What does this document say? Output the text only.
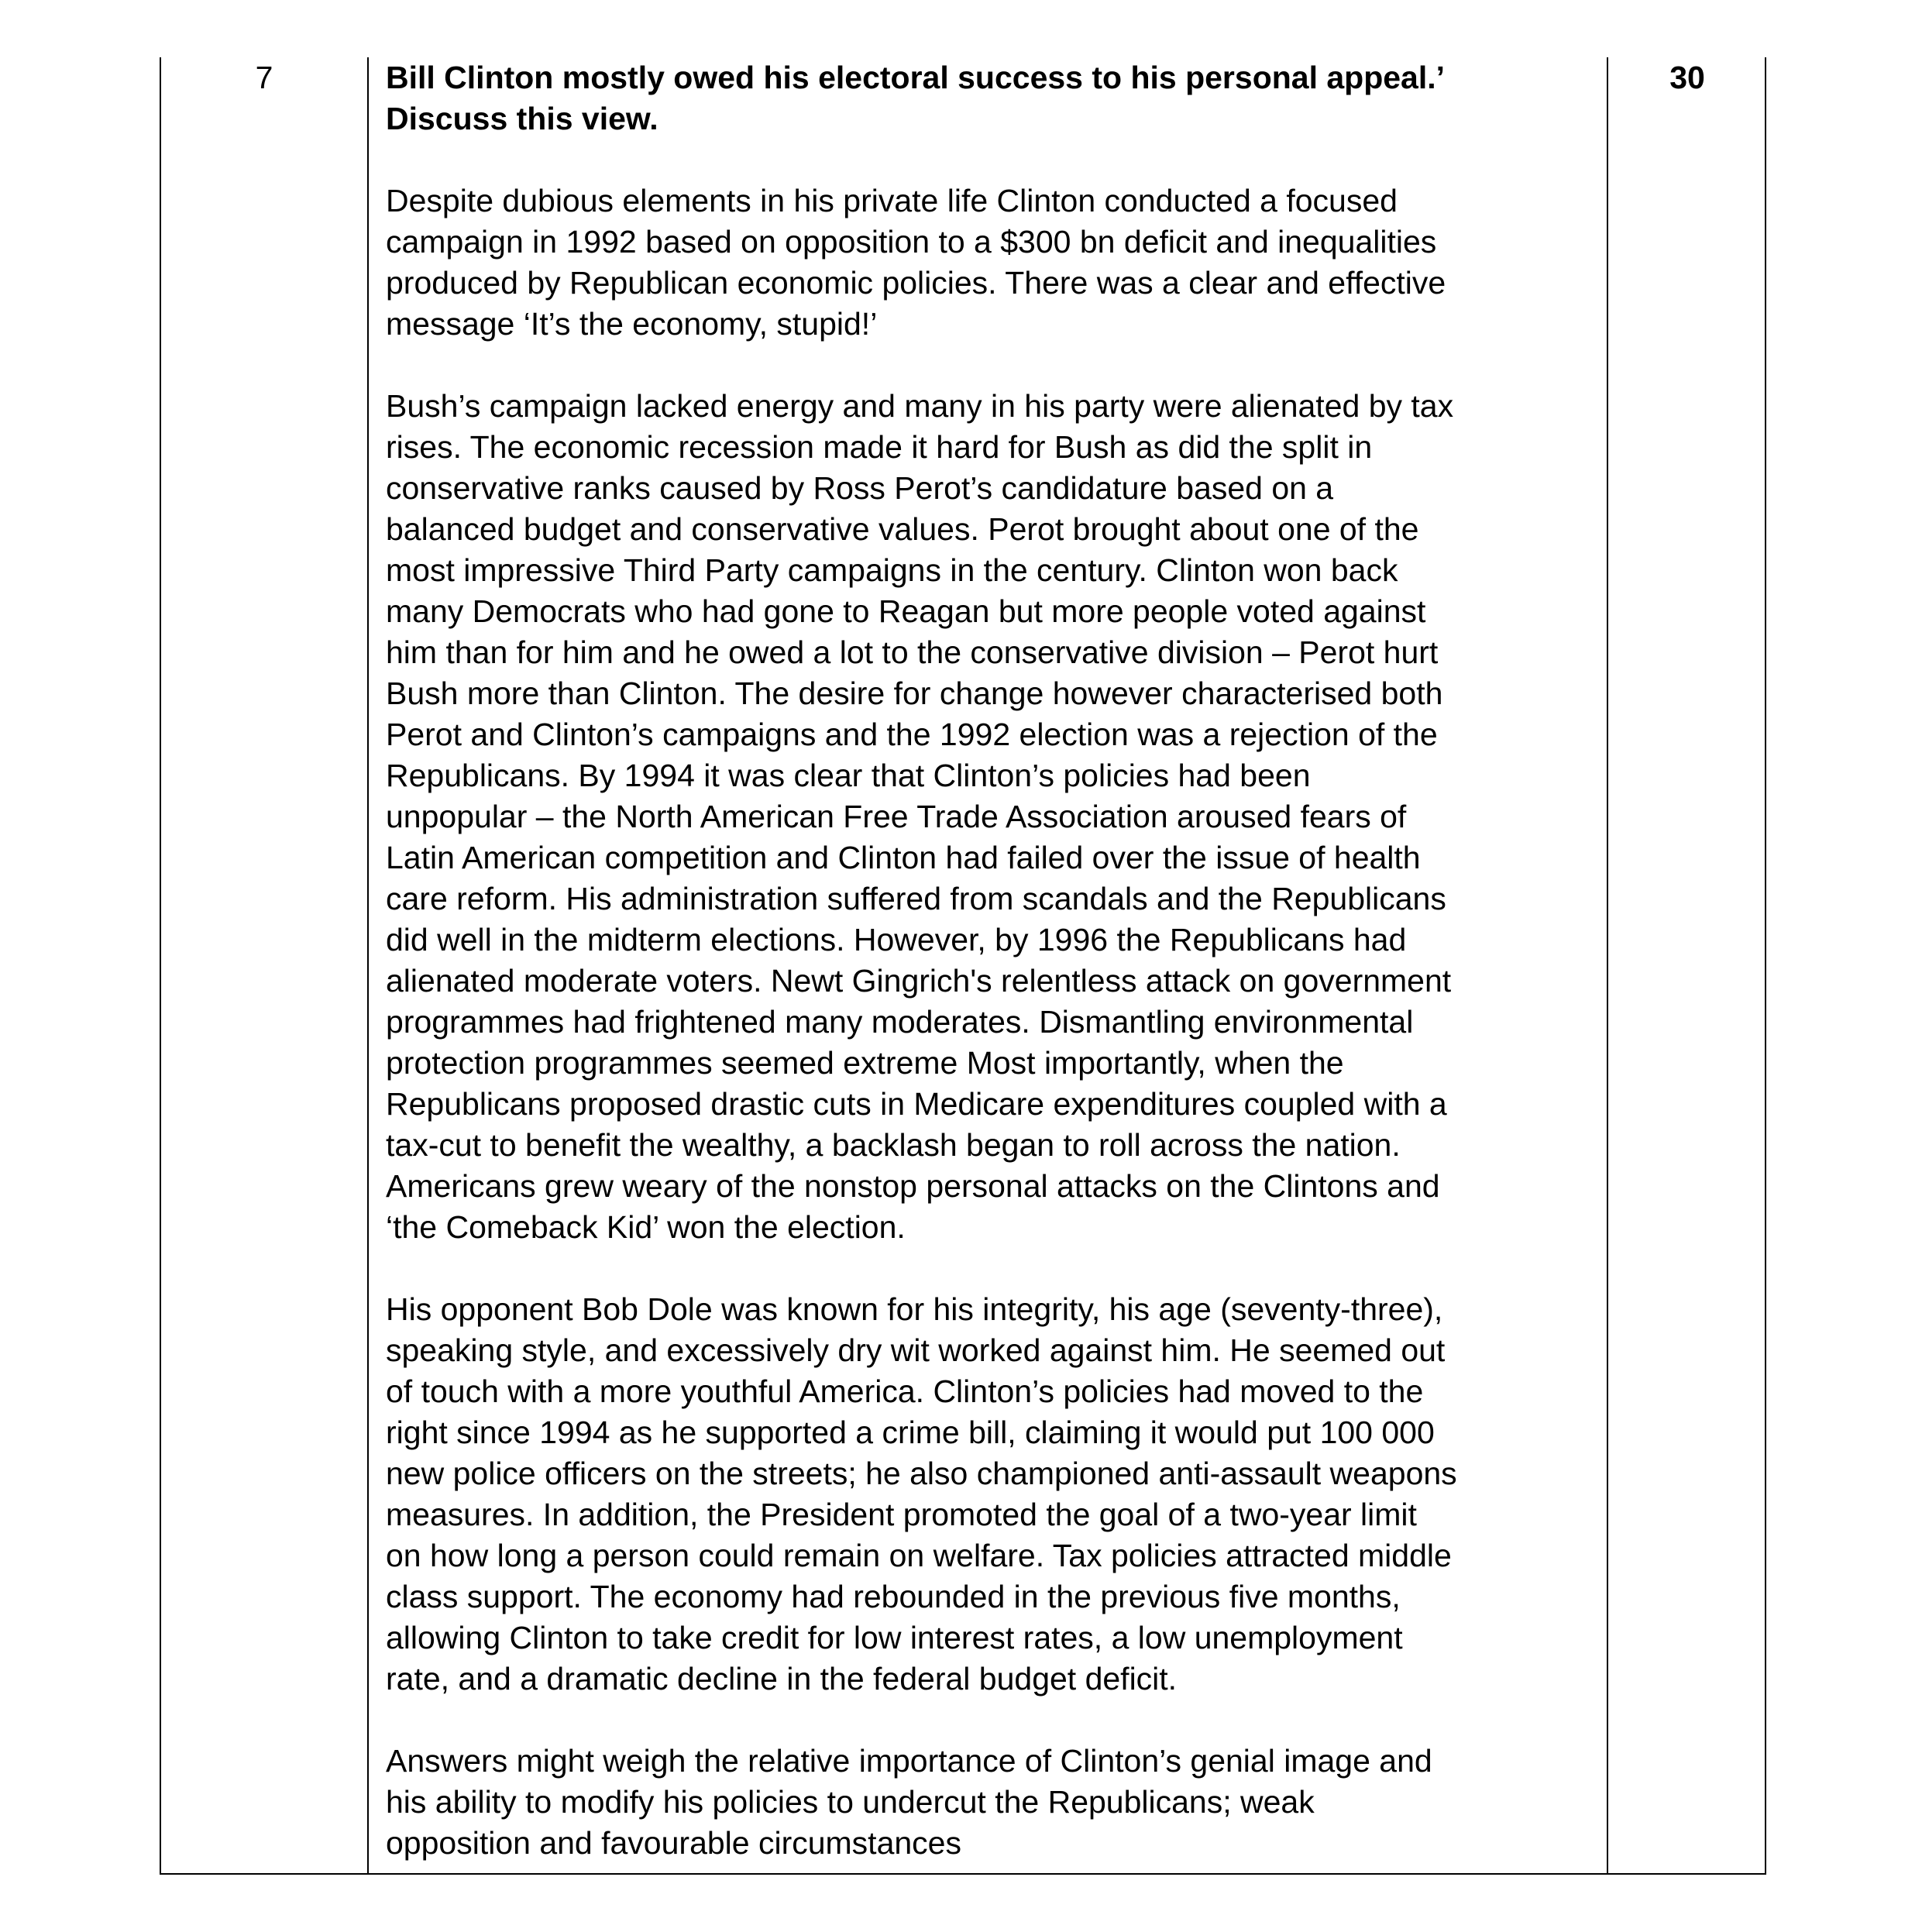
7	Bill Clinton mostly owed his electoral success to his personal appeal.’
Discuss this view.
Despite dubious elements in his private life Clinton conducted a focused
campaign in 1992 based on opposition to a $300 bn deficit and inequalities
produced by Republican economic policies. There was a clear and effective
message ‘It’s the economy, stupid!’
Bush’s campaign lacked energy and many in his party were alienated by tax
rises. The economic recession made it hard for Bush as did the split in
conservative ranks caused by Ross Perot’s candidature based on a
balanced budget and conservative values. Perot brought about one of the
most impressive Third Party campaigns in the century. Clinton won back
many Democrats who had gone to Reagan but more people voted against
him than for him and he owed a lot to the conservative division – Perot hurt
Bush more than Clinton. The desire for change however characterised both
Perot and Clinton’s campaigns and the 1992 election was a rejection of the
Republicans. By 1994 it was clear that Clinton’s policies had been
unpopular – the North American Free Trade Association aroused fears of
Latin American competition and Clinton had failed over the issue of health
care reform. His administration suffered from scandals and the Republicans
did well in the midterm elections. However, by 1996 the Republicans had
alienated moderate voters. Newt Gingrich's relentless attack on government
programmes had frightened many moderates. Dismantling environmental
protection programmes seemed extreme Most importantly, when the
Republicans proposed drastic cuts in Medicare expenditures coupled with a
tax-cut to benefit the wealthy, a backlash began to roll across the nation.
Americans grew weary of the nonstop personal attacks on the Clintons and
‘the Comeback Kid’ won the election.
His opponent Bob Dole was known for his integrity, his age (seventy-three),
speaking style, and excessively dry wit worked against him. He seemed out
of touch with a more youthful America. Clinton’s policies had moved to the
right since 1994 as he supported a crime bill, claiming it would put 100 000
new police officers on the streets; he also championed anti-assault weapons
measures. In addition, the President promoted the goal of a two-year limit
on how long a person could remain on welfare. Tax policies attracted middle
class support. The economy had rebounded in the previous five months,
allowing Clinton to take credit for low interest rates, a low unemployment
rate, and a dramatic decline in the federal budget deficit.
Answers might weigh the relative importance of Clinton’s genial image and
his ability to modify his policies to undercut the Republicans; weak
opposition and favourable circumstances
30
